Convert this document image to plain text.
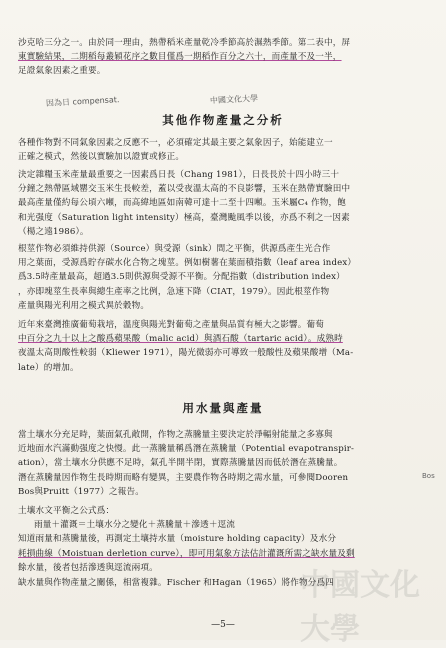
沙克哈三分之一。由於同一理由，熱帶稻米產量乾冷季節高於濕熱季節。第二表中，屏
東實驗結果，二期稻每叢穎花序之數目僅爲一期稻作百分之六十，而產量不及一半，
足證氣象因素之重要。
因為日 compensat.	中國文化大學
其他作物產量之分析
各種作物對不同氣象因素之反應不一，必須確定其最主要之氣象因子，始能建立一
正確之模式，然後以實驗加以證實或修正。
決定雜糧玉米產量最重要之一因素爲日長（Chang 1981），日長長於十四小時三十
分鐘之熱帶區域罌交玉米生長較差，蓋以受夜溫太高的不良影響，玉米在熱帶實驗田中
最高產量僅約每公頃六噸，而高緯地區如南韓可達十二至十四噸。玉米屬C₄ 作物，飽
和光强度（Saturation light intensity）極高，臺灣颱風季以後，亦爲不利之一因素
（楊之遠1986）。
根莖作物必須維持供源（Source）與受源（sink）間之平衡，供源爲產生光合作
用之葉面，受源爲貯存碳水化合物之塊莖。例如樹薯在葉面積指數（leaf area index）
爲3.5時產量最高，超過3.5則供源與受源不平衡。分配指數（distribution index）
，亦即塊莖生長率與總生產率之比例，急速下降（CIAT，1979）。因此根莖作物
產量與陽光利用之模式異於穀物。
近年來臺灣推廣葡萄栽培，溫度與陽光對葡萄之產量與品質有極大之影響。葡萄
中百分之九十以上之酸爲蘋果酸（malic acid）與酒石酸（tartaric acid）。成熟時
夜溫太高則酸性較弱（Kliewer 1971），陽光微弱亦可導致一般酸性及蘋果酸增（Ma-
late）的增加。
用水量與產量
當土壤水分充足時，葉面氣孔敞開，作物之蒸騰量主要決定於淨輻射能量之多寡與
近地面水汽滿動强度之快慢。此一蒸騰量稱爲潛在蒸騰量（Potential evapotranspir-
ation），當土壤水分供應不足時，氣孔半開半閉，實際蒸騰量因而低於潛在蒸騰量。
潛在蒸騰量因作物生長時期而略有變異，主要農作物各時期之需水量，可參閱Dooren
Bos與Pruitt（1977）之報告。
Bos
土壤水文平衡之公式爲：
雨量＋灌溉＝土壤水分之變化＋蒸騰量＋滲透＋逕流
知道雨量和蒸騰量後，再測定土壤持水量（moisture holding capacity）及水分
耗損曲線（Moistuan derletion curve），即可用氣象方法估計灌溉所需之缺水量及剩
餘水量，後者包括滲透與逕流兩項。
缺水量與作物產量之關係，相當複雜。Fischer 和Hagan（1965）將作物分爲四
中國文化大學
—5—
